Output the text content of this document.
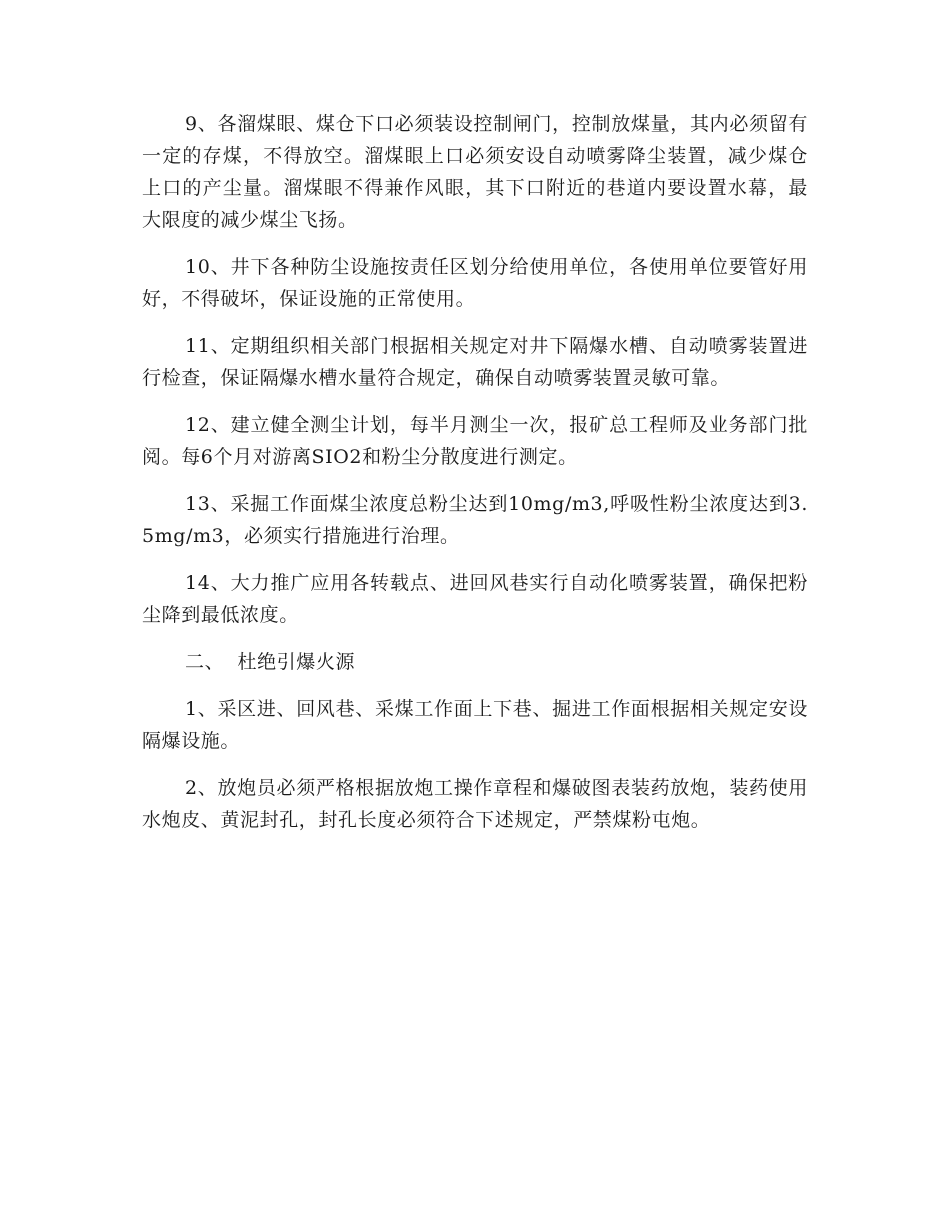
9、各溜煤眼、煤仓下口必须装设控制闸门，控制放煤量，其内必须留有一定的存煤，不得放空。溜煤眼上口必须安设自动喷雾降尘装置，减少煤仓上口的产尘量。溜煤眼不得兼作风眼，其下口附近的巷道内要设置水幕，最大限度的减少煤尘飞扬。

10、井下各种防尘设施按责任区划分给使用单位，各使用单位要管好用好，不得破坏，保证设施的正常使用。

11、定期组织相关部门根据相关规定对井下隔爆水槽、自动喷雾装置进行检查，保证隔爆水槽水量符合规定，确保自动喷雾装置灵敏可靠。

12、建立健全测尘计划，每半月测尘一次，报矿总工程师及业务部门批阅。每6个月对游离SIO2和粉尘分散度进行测定。

13、采掘工作面煤尘浓度总粉尘达到10mg/m3,呼吸性粉尘浓度达到3.5mg/m3，必须实行措施进行治理。

14、大力推广应用各转载点、进回风巷实行自动化喷雾装置，确保把粉尘降到最低浓度。

二、  杜绝引爆火源

1、采区进、回风巷、采煤工作面上下巷、掘进工作面根据相关规定安设隔爆设施。

2、放炮员必须严格根据放炮工操作章程和爆破图表装药放炮，装药使用水炮皮、黄泥封孔，封孔长度必须符合下述规定，严禁煤粉屯炮。
